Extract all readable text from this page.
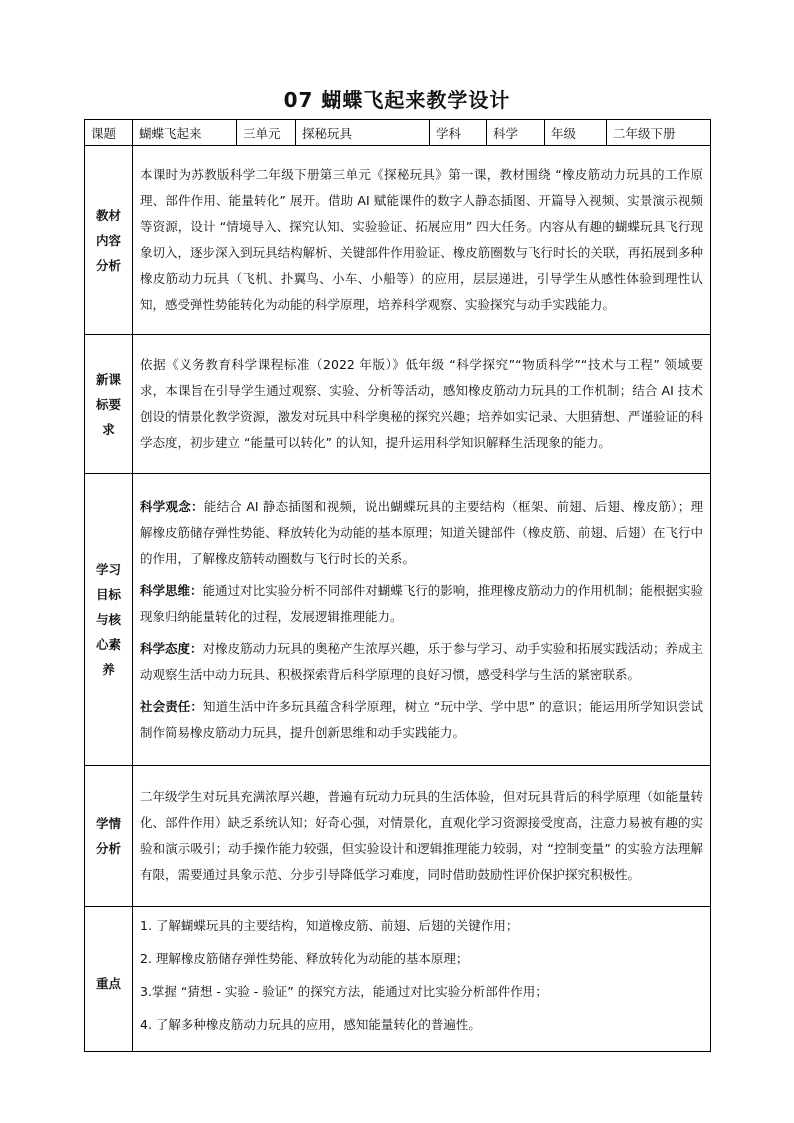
07 蝴蝶飞起来教学设计
课题	蝴蝶飞起来	三单元	探秘玩具	学科	科学	年级	二年级下册

教材内容分析	本课时为苏教版科学二年级下册第三单元《探秘玩具》第一课，教材围绕 “橡皮筋动力玩具的工作原理、部件作用、能量转化” 展开。借助 AI 赋能课件的数字人静态插图、开篇导入视频、实景演示视频等资源，设计 “情境导入、探究认知、实验验证、拓展应用” 四大任务。内容从有趣的蝴蝶玩具飞行现象切入，逐步深入到玩具结构解析、关键部件作用验证、橡皮筋圈数与飞行时长的关联，再拓展到多种橡皮筋动力玩具（飞机、扑翼鸟、小车、小船等）的应用，层层递进，引导学生从感性体验到理性认知，感受弹性势能转化为动能的科学原理，培养科学观察、实验探究与动手实践能力。						

新课标要求	依据《义务教育科学课程标准（2022 年版）》低年级 “科学探究”“物质科学”“技术与工程” 领域要求，本课旨在引导学生通过观察、实验、分析等活动，感知橡皮筋动力玩具的工作机制；结合 AI 技术创设的情景化教学资源，激发对玩具中科学奥秘的探究兴趣；培养如实记录、大胆猜想、严谨验证的科学态度，初步建立 “能量可以转化” 的认知，提升运用科学知识解释生活现象的能力。						

学习目标与核心素养	科学观念：能结合 AI 静态插图和视频，说出蝴蝶玩具的主要结构（框架、前翅、后翅、橡皮筋）；理解橡皮筋储存弹性势能、释放转化为动能的基本原理；知道关键部件（橡皮筋、前翅、后翅）在飞行中的作用，了解橡皮筋转动圈数与飞行时长的关系。

科学思维：能通过对比实验分析不同部件对蝴蝶飞行的影响，推理橡皮筋动力的作用机制；能根据实验现象归纳能量转化的过程，发展逻辑推理能力。

科学态度：对橡皮筋动力玩具的奥秘产生浓厚兴趣，乐于参与学习、动手实验和拓展实践活动；养成主动观察生活中动力玩具、积极探索背后科学原理的良好习惯，感受科学与生活的紧密联系。

社会责任：知道生活中许多玩具蕴含科学原理，树立 “玩中学、学中思” 的意识；能运用所学知识尝试制作简易橡皮筋动力玩具，提升创新思维和动手实践能力。						

学情分析	二年级学生对玩具充满浓厚兴趣，普遍有玩动力玩具的生活体验，但对玩具背后的科学原理（如能量转化、部件作用）缺乏系统认知；好奇心强，对情景化，直观化学习资源接受度高，注意力易被有趣的实验和演示吸引；动手操作能力较强，但实验设计和逻辑推理能力较弱，对 “控制变量” 的实验方法理解有限，需要通过具象示范、分步引导降低学习难度，同时借助鼓励性评价保护探究积极性。						
重点	1. 了解蝴蝶玩具的主要结构，知道橡皮筋、前翅、后翅的关键作用；

2. 理解橡皮筋储存弹性势能、释放转化为动能的基本原理；

3.掌握 “猜想 - 实验 - 验证” 的探究方法，能通过对比实验分析部件作用；

4. 了解多种橡皮筋动力玩具的应用，感知能量转化的普遍性。						
